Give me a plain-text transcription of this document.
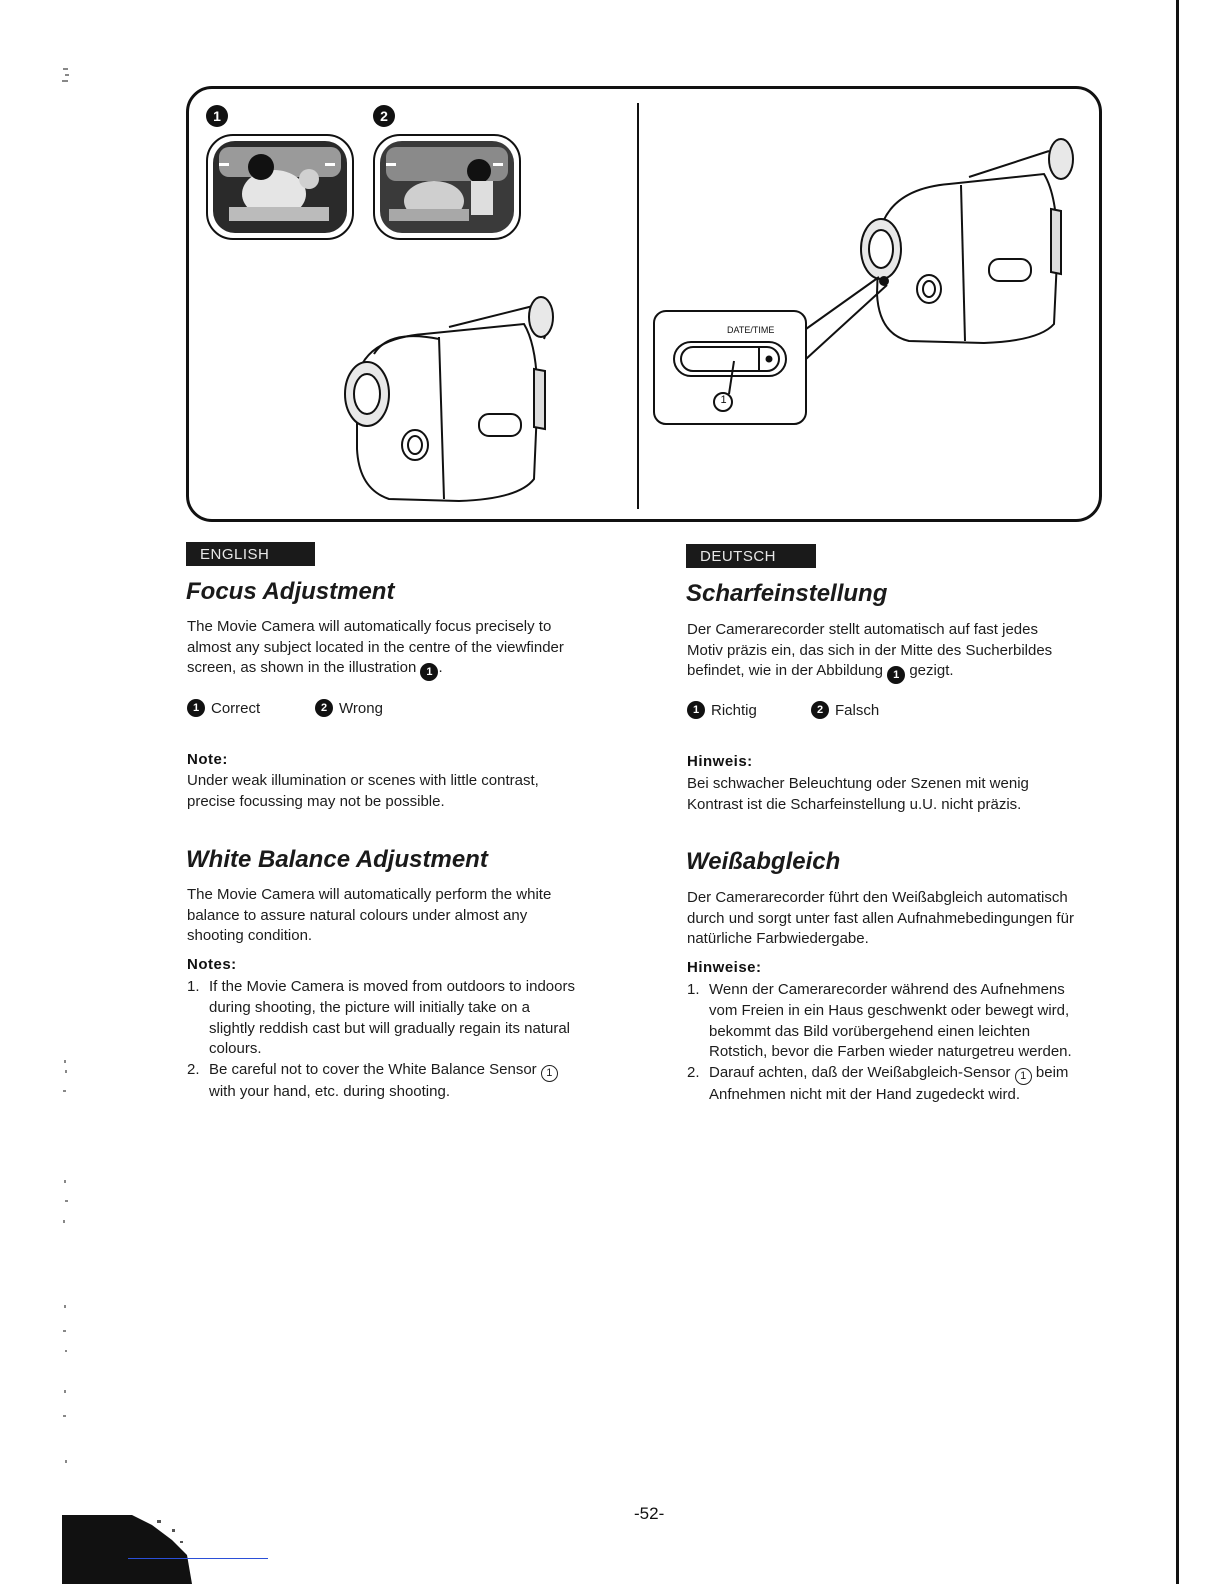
1	2
DATE/TIME
1
ENGLISH
Focus Adjustment
The Movie Camera will automatically focus precisely to
almost any subject located in the centre of the viewfinder
screen, as shown in the illustration 1 .
1 Correct	2 Wrong
Note:
Under weak illumination or scenes with little contrast,
precise focussing may not be possible.
White Balance Adjustment
The Movie Camera will automatically perform the white
balance to assure natural colours under almost any
shooting condition.
Notes:
1. If the Movie Camera is moved from outdoors to indoors
during shooting, the picture will initially take on a
slightly reddish cast but will gradually regain its natural
colours.
2. Be careful not to cover the White Balance Sensor 1
with your hand, etc. during shooting.
DEUTSCH
Scharfeinstellung
Der Camerarecorder stellt automatisch auf fast jedes
Motiv präzis ein, das sich in der Mitte des Sucherbildes
befindet, wie in der Abbildung 1 gezigt.
1 Richtig	2 Falsch
Hinweis:
Bei schwacher Beleuchtung oder Szenen mit wenig
Kontrast ist die Scharfeinstellung u.U. nicht präzis.
Weißabgleich
Der Camerarecorder führt den Weißabgleich automatisch
durch und sorgt unter fast allen Aufnahmebedingungen für
natürliche Farbwiedergabe.
Hinweise:
1. Wenn der Camerarecorder während des Aufnehmens
vom Freien in ein Haus geschwenkt oder bewegt wird,
bekommt das Bild vorübergehend einen leichten
Rotstich, bevor die Farben wieder naturgetreu werden.
2. Darauf achten, daß der Weißabgleich-Sensor 1 beim
Anfnehmen nicht mit der Hand zugedeckt wird.
-52-
